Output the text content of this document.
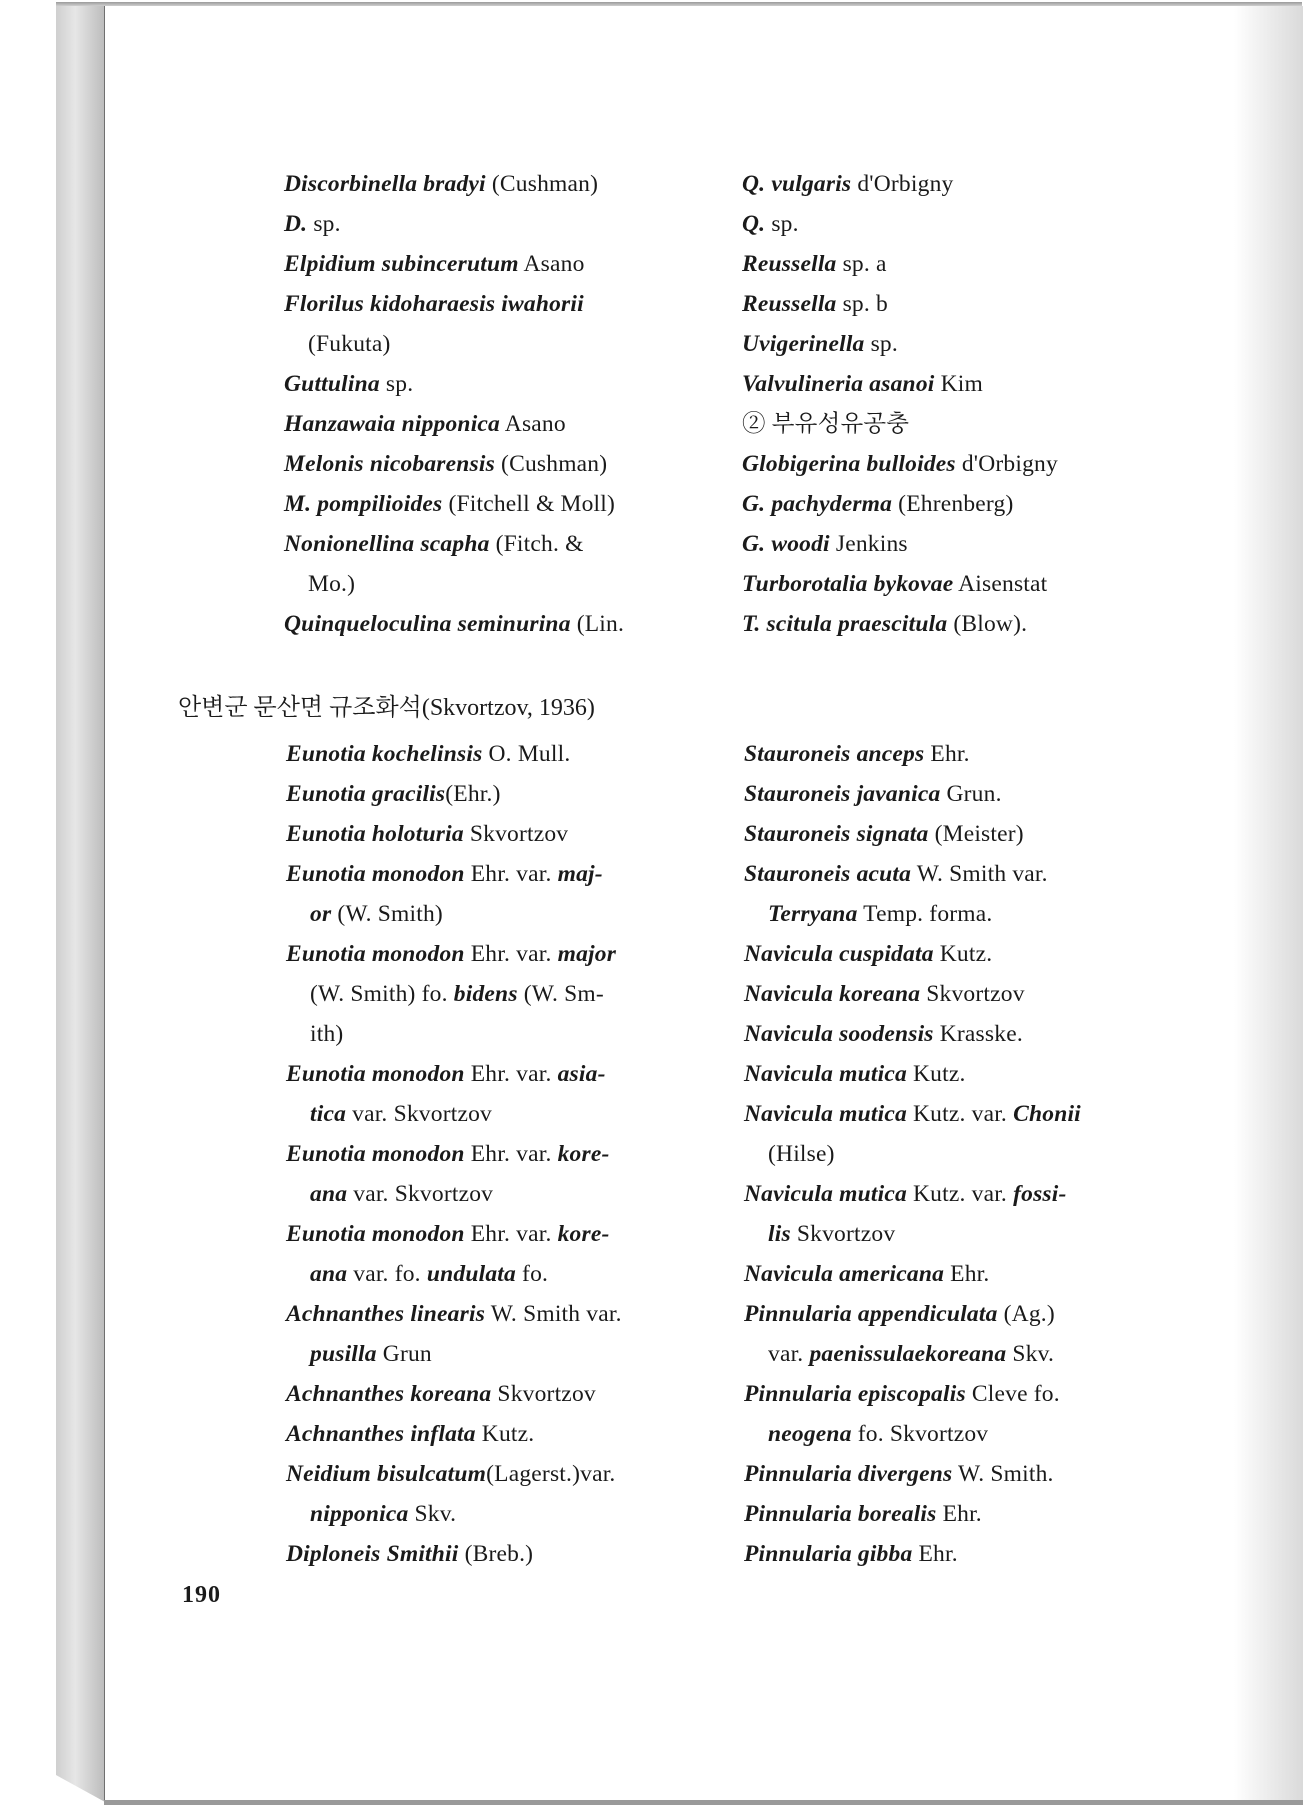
Discorbinella bradyi (Cushman)
D. sp.
Elpidium subincerutum Asano
Florilus kidoharaesis iwahorii
(Fukuta)
Guttulina sp.
Hanzawaia nipponica Asano
Melonis nicobarensis (Cushman)
M. pompilioides (Fitchell & Moll)
Nonionellina scapha (Fitch. &
Mo.)
Quinqueloculina seminurina (Lin.
Q. vulgaris d'Orbigny
Q. sp.
Reussella sp. a
Reussella sp. b
Uvigerinella sp.
Valvulineria asanoi Kim
② 부유성유공충
Globigerina bulloides d'Orbigny
G. pachyderma (Ehrenberg)
G. woodi Jenkins
Turborotalia bykovae Aisenstat
T. scitula praescitula (Blow).
안변군 문산면 규조화석(Skvortzov, 1936)
Eunotia kochelinsis O. Mull.
Eunotia gracilis(Ehr.)
Eunotia holoturia Skvortzov
Eunotia monodon Ehr. var. maj-
or (W. Smith)
Eunotia monodon Ehr. var. major
(W. Smith) fo. bidens (W. Sm-
ith)
Eunotia monodon Ehr. var. asia-
tica var. Skvortzov
Eunotia monodon Ehr. var. kore-
ana var. Skvortzov
Eunotia monodon Ehr. var. kore-
ana var. fo. undulata fo.
Achnanthes linearis W. Smith var.
pusilla Grun
Achnanthes koreana Skvortzov
Achnanthes inflata Kutz.
Neidium bisulcatum(Lagerst.)var.
nipponica Skv.
Diploneis Smithii (Breb.)
Stauroneis anceps Ehr.
Stauroneis javanica Grun.
Stauroneis signata (Meister)
Stauroneis acuta W. Smith var.
Terryana Temp. forma.
Navicula cuspidata Kutz.
Navicula koreana Skvortzov
Navicula soodensis Krasske.
Navicula mutica Kutz.
Navicula mutica Kutz. var. Chonii
(Hilse)
Navicula mutica Kutz. var. fossi-
lis Skvortzov
Navicula americana Ehr.
Pinnularia appendiculata (Ag.)
var. paenissulaekoreana Skv.
Pinnularia episcopalis Cleve fo.
neogena fo. Skvortzov
Pinnularia divergens W. Smith.
Pinnularia borealis Ehr.
Pinnularia gibba Ehr.
190
